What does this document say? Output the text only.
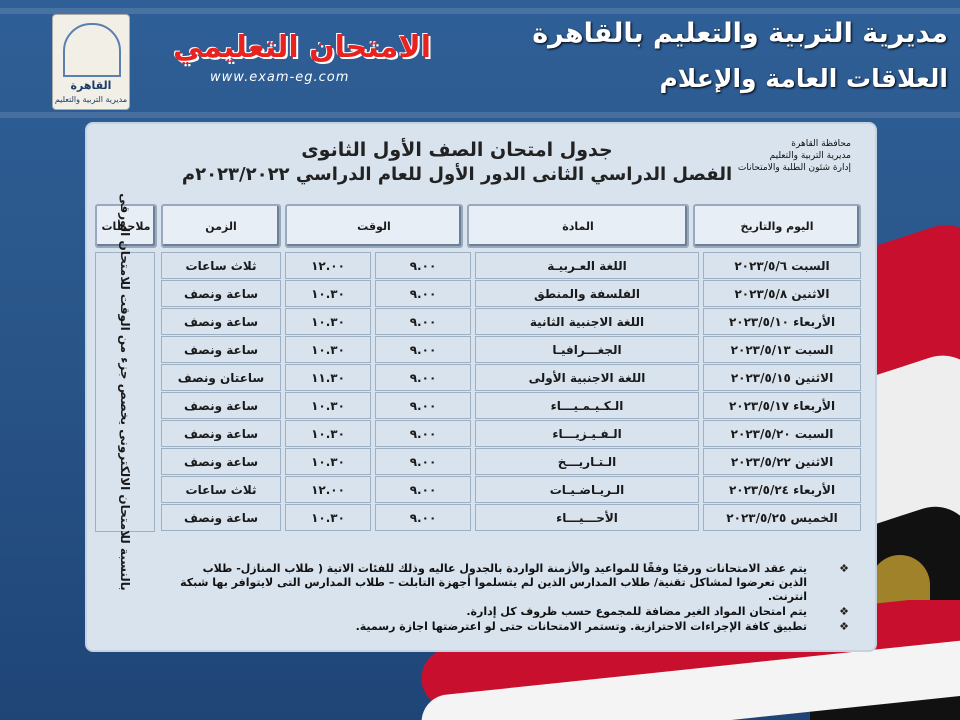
مديرية التربية والتعليم بالقاهرة
العلاقات العامة والإعلام
القاهرة
مديرية التربية والتعليم
الامتحان التعليمي
www.exam-eg.com
محافظة القاهرة
مديرية التربية والتعليم
إدارة شئون الطلبة والامتحانات
جدول امتحان الصف الأول الثانوى
الفصل الدراسي الثانى الدور الأول للعام الدراسي ٢٠٢٣/٢٠٢٢م
اليوم والتاريخ
المادة
الوقت
الزمن
ملاحظات
بالنسبة للامتحان الالكترونى يخصص جزء من الوقت للامتحان الورقى	السبت ٢٠٢٣/٥/٦
اللغة العـربيـة
٩.٠٠
١٢.٠٠
ثلاث ساعات
الاثنين ٢٠٢٣/٥/٨
الفلسفة والمنطق
٩.٠٠
١٠.٣٠
ساعة ونصف
الأربعاء ٢٠٢٣/٥/١٠
اللغة الاجنبية الثانية
٩.٠٠
١٠.٣٠
ساعة ونصف
السبت ٢٠٢٣/٥/١٣
الجغـــرافيـا
٩.٠٠
١٠.٣٠
ساعة ونصف
الاثنين ٢٠٢٣/٥/١٥
اللغة الاجنبية الأولى
٩.٠٠
١١.٣٠
ساعتان ونصف
الأربعاء ٢٠٢٣/٥/١٧
الـكـيـمـيـــاء
٩.٠٠
١٠.٣٠
ساعة ونصف
السبت ٢٠٢٣/٥/٢٠
الـفـيـزيـــاء
٩.٠٠
١٠.٣٠
ساعة ونصف
الاثنين ٢٠٢٣/٥/٢٢
الـتـاريـــخ
٩.٠٠
١٠.٣٠
ساعة ونصف
الأربعاء ٢٠٢٣/٥/٢٤
الـريـاضـيـات
٩.٠٠
١٢.٠٠
ثلاث ساعات
الخميس ٢٠٢٣/٥/٢٥
الأحـــيـــاء
٩.٠٠
١٠.٣٠
ساعة ونصف
❖
يتم عقد الامتحانات ورقيًا وفقًا للمواعيد والأزمنة الواردة بالجدول عاليه وذلك للفئات الاتية ( طلاب المنازل- طلاب الذين تعرضوا لمشاكل تقنية/ طلاب المدارس الذين لم يتسلموا أجهزة التابلت – طلاب المدارس التى لايتوافر بها شبكة انترنت.
❖
يتم امتحان المواد الغير مضافة للمجموع حسب ظروف كل إدارة.
❖
تطبيق كافة الإجراءات الاحترازية. وتستمر الامتحانات حتى لو اعترضتها اجازة رسمية.
